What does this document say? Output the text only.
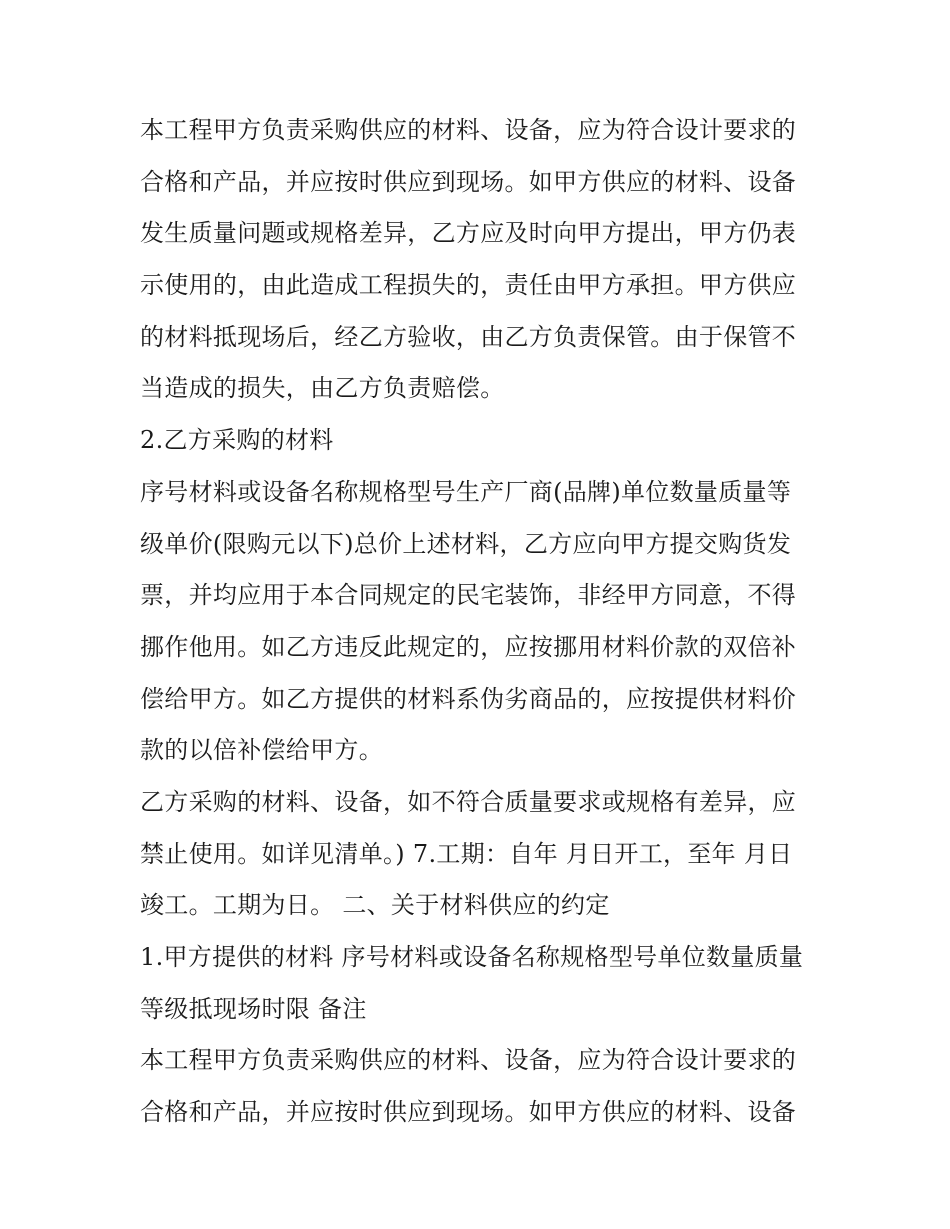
本工程甲方负责采购供应的材料、设备，应为符合设计要求的
合格和产品，并应按时供应到现场。如甲方供应的材料、设备
发生质量问题或规格差异，乙方应及时向甲方提出，甲方仍表
示使用的，由此造成工程损失的，责任由甲方承担。甲方供应
的材料抵现场后，经乙方验收，由乙方负责保管。由于保管不
当造成的损失，由乙方负责赔偿。
2.乙方采购的材料
序号材料或设备名称规格型号生产厂商(品牌)单位数量质量等
级单价(限购元以下)总价上述材料，乙方应向甲方提交购货发
票，并均应用于本合同规定的民宅装饰，非经甲方同意，不得
挪作他用。如乙方违反此规定的，应按挪用材料价款的双倍补
偿给甲方。如乙方提供的材料系伪劣商品的，应按提供材料价
款的以倍补偿给甲方。
乙方采购的材料、设备，如不符合质量要求或规格有差异，应
禁止使用。如详见清单。) 7.工期：自年 月日开工，至年 月日
竣工。工期为日。 二、关于材料供应的约定
1.甲方提供的材料 序号材料或设备名称规格型号单位数量质量
等级抵现场时限 备注
本工程甲方负责采购供应的材料、设备，应为符合设计要求的
合格和产品，并应按时供应到现场。如甲方供应的材料、设备
